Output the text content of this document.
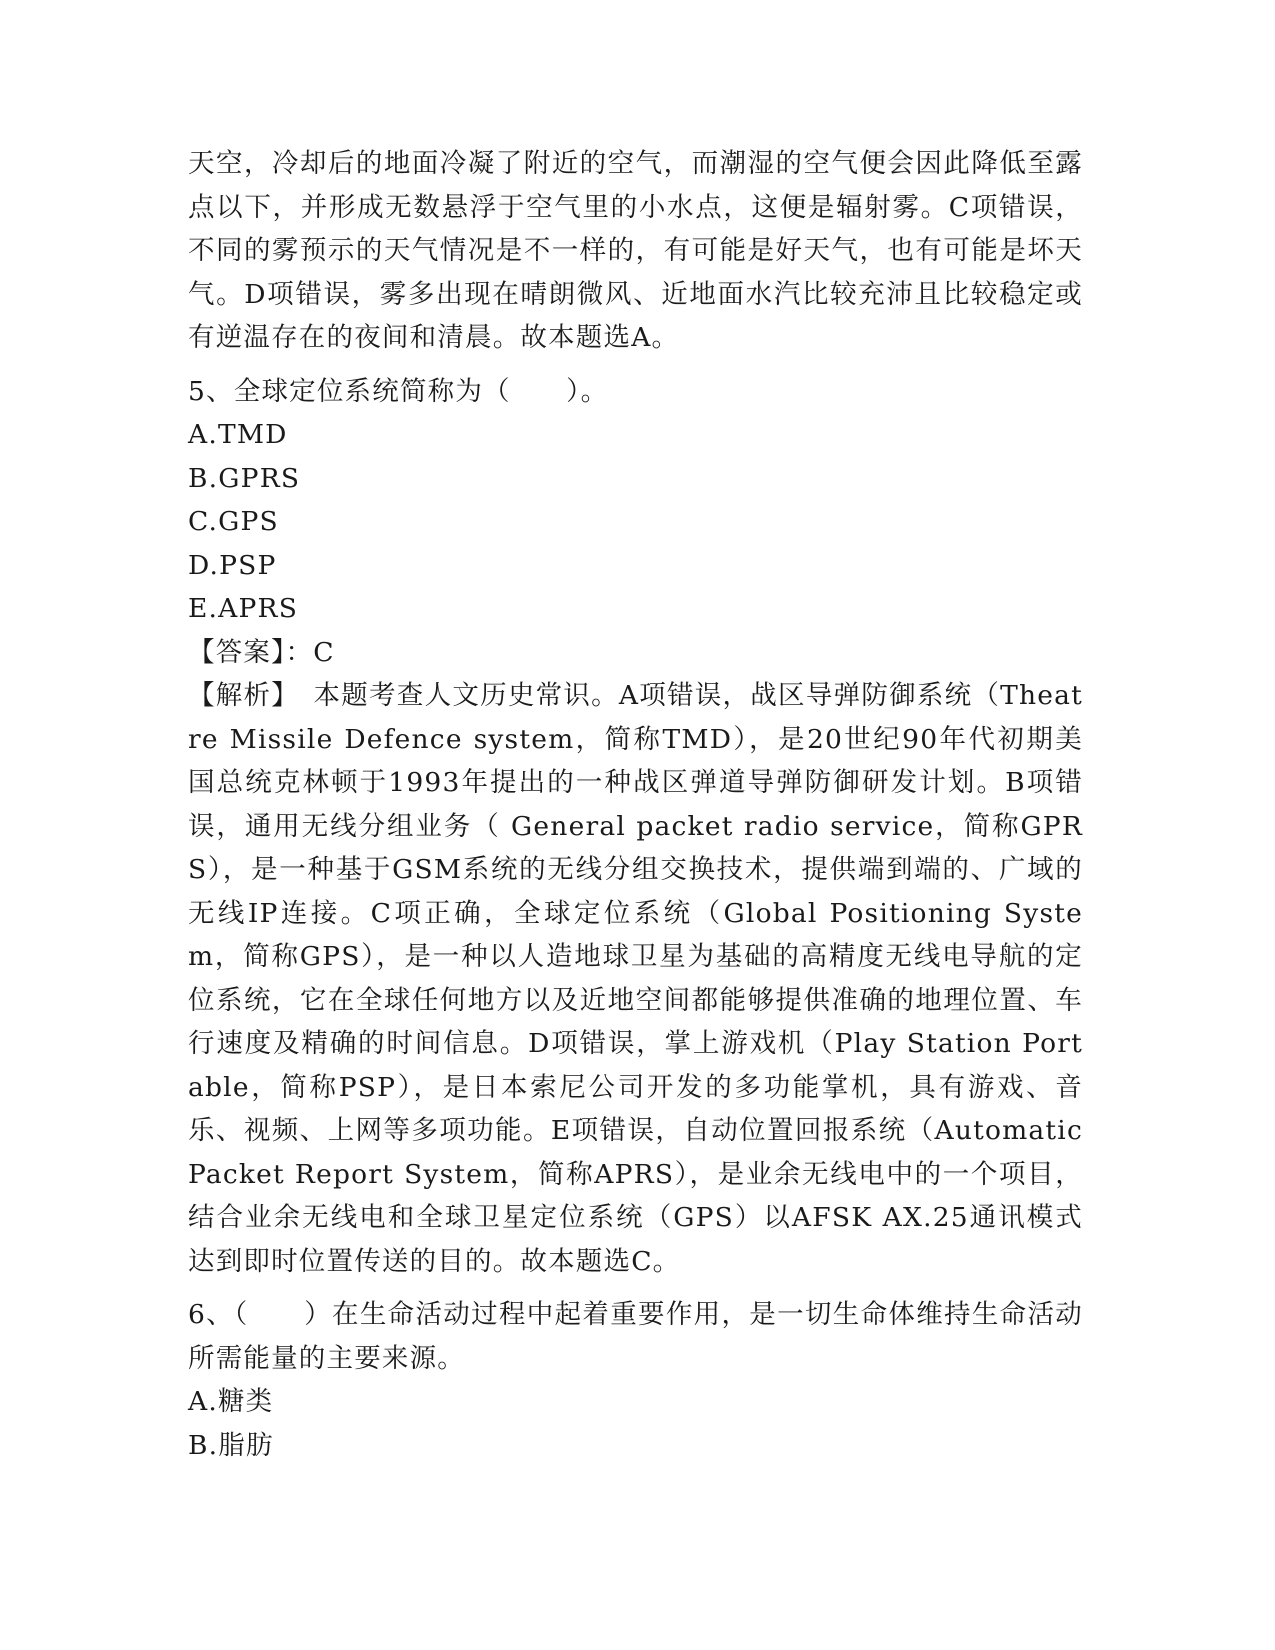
天空，冷却后的地面冷凝了附近的空气，而潮湿的空气便会因此降低至露点以下，并形成无数悬浮于空气里的小水点，这便是辐射雾。C项错误，不同的雾预示的天气情况是不一样的，有可能是好天气，也有可能是坏天气。D项错误，雾多出现在晴朗微风、近地面水汽比较充沛且比较稳定或有逆温存在的夜间和清晨。故本题选A。

5、全球定位系统简称为（　　）。

A.TMD
B.GPRS
C.GPS
D.PSP
E.APRS

【答案】：C

【解析】　本题考查人文历史常识。A项错误，战区导弹防御系统（Theatre Missile Defence system，简称TMD），是20世纪90年代初期美国总统克林顿于1993年提出的一种战区弹道导弹防御研发计划。B项错误，通用无线分组业务（ General packet radio service，简称GPRS），是一种基于GSM系统的无线分组交换技术，提供端到端的、广域的无线IP连接。C项正确，全球定位系统（Global Positioning System，简称GPS），是一种以人造地球卫星为基础的高精度无线电导航的定位系统，它在全球任何地方以及近地空间都能够提供准确的地理位置、车行速度及精确的时间信息。D项错误，掌上游戏机（Play Station Portable，简称PSP），是日本索尼公司开发的多功能掌机，具有游戏、音乐、视频、上网等多项功能。E项错误，自动位置回报系统（Automatic Packet Report System，简称APRS），是业余无线电中的一个项目，结合业余无线电和全球卫星定位系统（GPS）以AFSK AX.25通讯模式达到即时位置传送的目的。故本题选C。

6、（　　）在生命活动过程中起着重要作用，是一切生命体维持生命活动所需能量的主要来源。

A.糖类
B.脂肪
